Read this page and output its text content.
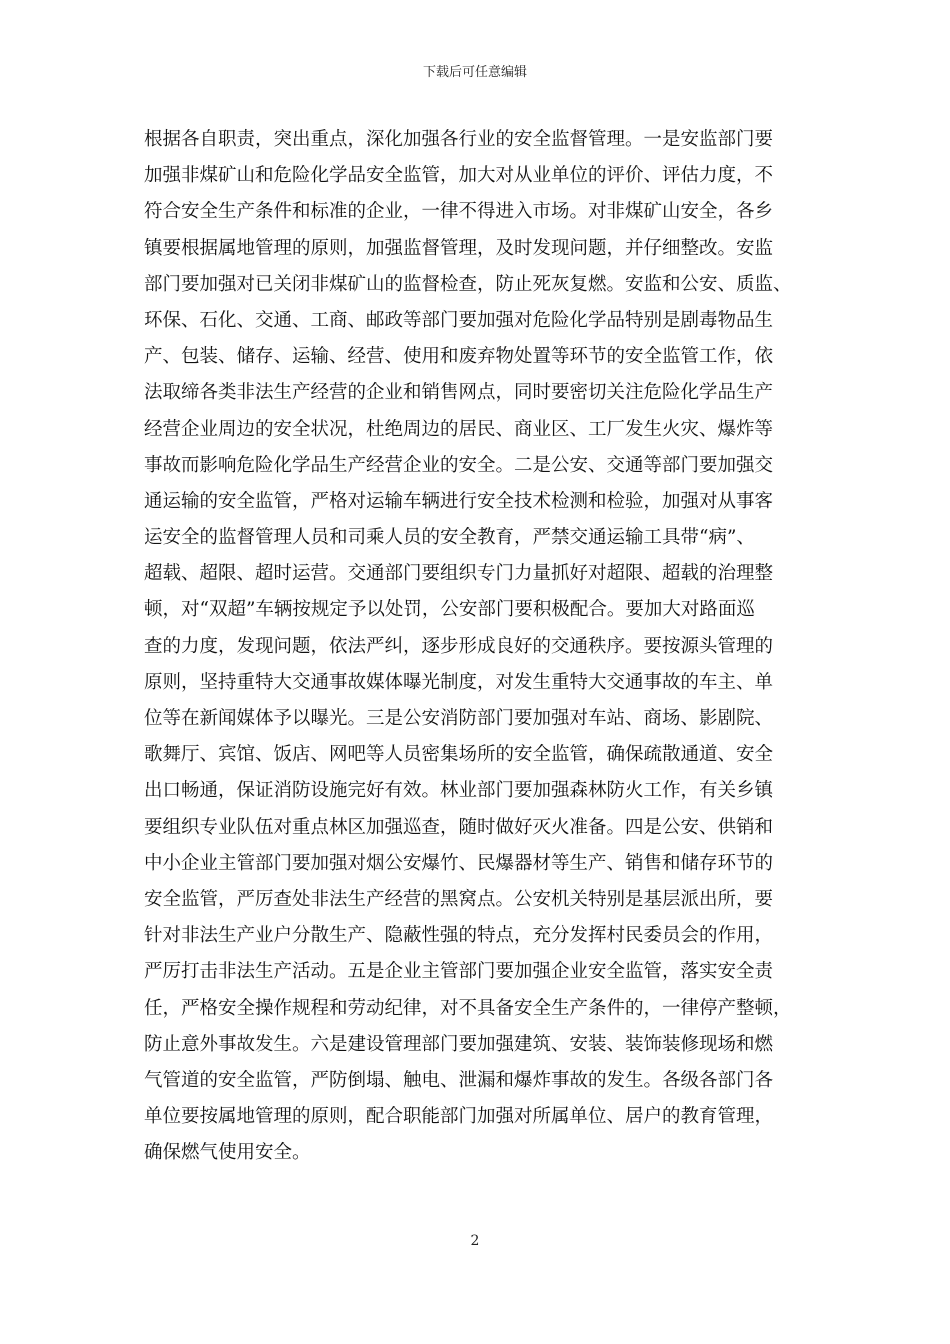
下载后可任意编辑
根据各自职责，突出重点，深化加强各行业的安全监督管理。一是安监部门要
加强非煤矿山和危险化学品安全监管，加大对从业单位的评价、评估力度，不
符合安全生产条件和标准的企业，一律不得进入市场。对非煤矿山安全，各乡
镇要根据属地管理的原则，加强监督管理，及时发现问题，并仔细整改。安监
部门要加强对已关闭非煤矿山的监督检查，防止死灰复燃。安监和公安、质监、
环保、石化、交通、工商、邮政等部门要加强对危险化学品特别是剧毒物品生
产、包装、储存、运输、经营、使用和废弃物处置等环节的安全监管工作，依
法取缔各类非法生产经营的企业和销售网点，同时要密切关注危险化学品生产
经营企业周边的安全状况，杜绝周边的居民、商业区、工厂发生火灾、爆炸等
事故而影响危险化学品生产经营企业的安全。二是公安、交通等部门要加强交
通运输的安全监管，严格对运输车辆进行安全技术检测和检验，加强对从事客
运安全的监督管理人员和司乘人员的安全教育，严禁交通运输工具带“病”、
超载、超限、超时运营。交通部门要组织专门力量抓好对超限、超载的治理整
顿，对“双超”车辆按规定予以处罚，公安部门要积极配合。要加大对路面巡
查的力度，发现问题，依法严纠，逐步形成良好的交通秩序。要按源头管理的
原则，坚持重特大交通事故媒体曝光制度，对发生重特大交通事故的车主、单
位等在新闻媒体予以曝光。三是公安消防部门要加强对车站、商场、影剧院、
歌舞厅、宾馆、饭店、网吧等人员密集场所的安全监管，确保疏散通道、安全
出口畅通，保证消防设施完好有效。林业部门要加强森林防火工作，有关乡镇
要组织专业队伍对重点林区加强巡查，随时做好灭火准备。四是公安、供销和
中小企业主管部门要加强对烟公安爆竹、民爆器材等生产、销售和储存环节的
安全监管，严厉查处非法生产经营的黑窝点。公安机关特别是基层派出所，要
针对非法生产业户分散生产、隐蔽性强的特点，充分发挥村民委员会的作用，
严厉打击非法生产活动。五是企业主管部门要加强企业安全监管，落实安全责
任，严格安全操作规程和劳动纪律，对不具备安全生产条件的，一律停产整顿，
防止意外事故发生。六是建设管理部门要加强建筑、安装、装饰装修现场和燃
气管道的安全监管，严防倒塌、触电、泄漏和爆炸事故的发生。各级各部门各
单位要按属地管理的原则，配合职能部门加强对所属单位、居户的教育管理，
确保燃气使用安全。
2
